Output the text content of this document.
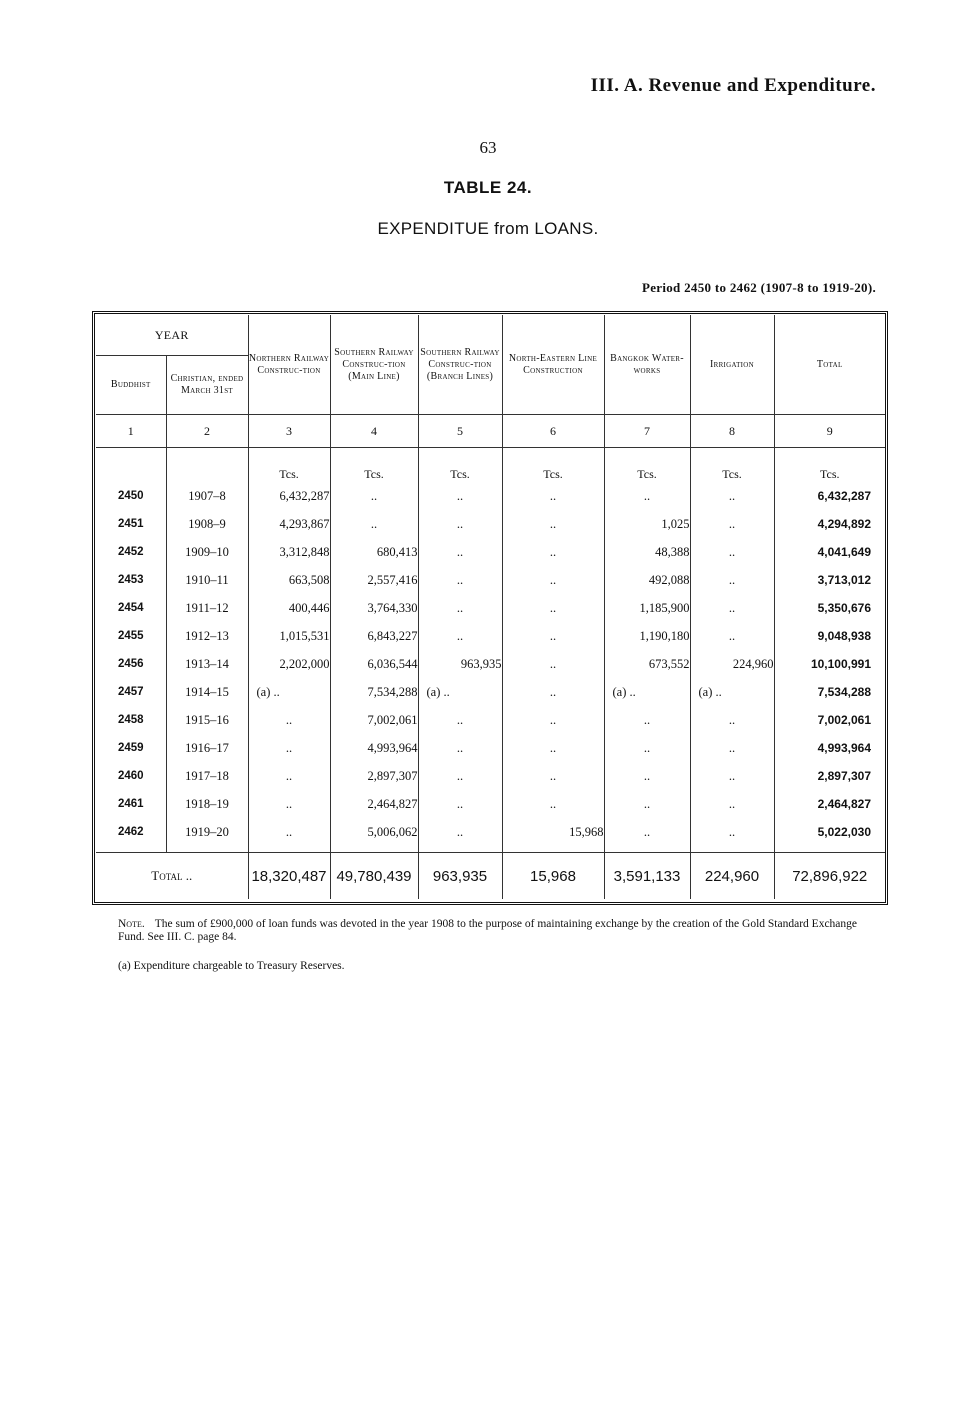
III. A. Revenue and Expenditure.
63
TABLE 24.
EXPENDITUE from LOANS.
Period 2450 to 2462 (1907-8 to 1919-20).
YEAR		Northern Railway Construc-tion	Southern Railway Construc-tion (Main Line)	Southern Railway Construc-tion (Branch Lines)	North-Eastern Line Construction	Bangkok Water-works	Irrigation	Total
Buddhist	Christian, ended March 31st							
1	2	3	4	5	6	7	8	9
		Tcs.	Tcs.	Tcs.	Tcs.	Tcs.	Tcs.	Tcs.
2450	1907–8	6,432,287	..	..	..	..	..	6,432,287
2451	1908–9	4,293,867	..	..	..	1,025	..	4,294,892
2452	1909–10	3,312,848	680,413	..	..	48,388	..	4,041,649
2453	1910–11	663,508	2,557,416	..	..	492,088	..	3,713,012
2454	1911–12	400,446	3,764,330	..	..	1,185,900	..	5,350,676
2455	1912–13	1,015,531	6,843,227	..	..	1,190,180	..	9,048,938
2456	1913–14	2,202,000	6,036,544	963,935	..	673,552	224,960	10,100,991
2457	1914–15	(a) ..	7,534,288	(a) ..	..	(a) ..	(a) ..	7,534,288
2458	1915–16	..	7,002,061	..	..	..	..	7,002,061
2459	1916–17	..	4,993,964	..	..	..	..	4,993,964
2460	1917–18	..	2,897,307	..	..	..	..	2,897,307
2461	1918–19	..	2,464,827	..	..	..	..	2,464,827
2462	1919–20	..	5,006,062	..	15,968	..	..	5,022,030

Total ..		18,320,487	49,780,439	963,935	15,968	3,591,133	224,960	72,896,922
Note. The sum of £900,000 of loan funds was devoted in the year 1908 to the purpose of maintaining exchange by the creation of the Gold Standard Exchange Fund. See III. C. page 84.
(a) Expenditure chargeable to Treasury Reserves.
